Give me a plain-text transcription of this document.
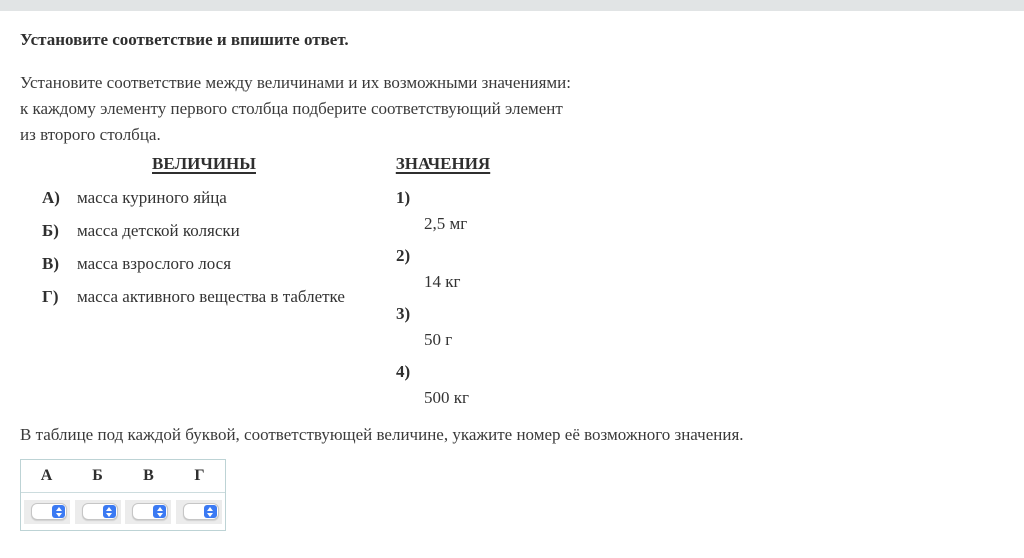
Установите соответствие и впишите ответ.
Установите соответствие между величинами и их возможными значениями:
к каждому элементу первого столбца подберите соответствующий элемент
из второго столбца.
ВЕЛИЧИНЫ
А) масса куриного яйца
Б) масса детской коляски
В) масса взрослого лося
Г) масса активного вещества в таблетке
ЗНАЧЕНИЯ
1)
2,5 мг
2)
14 кг
3)
50 г
4)
500 кг
В таблице под каждой буквой, соответствующей величине, укажите номер её возможного значения.
А	Б	В	Г
